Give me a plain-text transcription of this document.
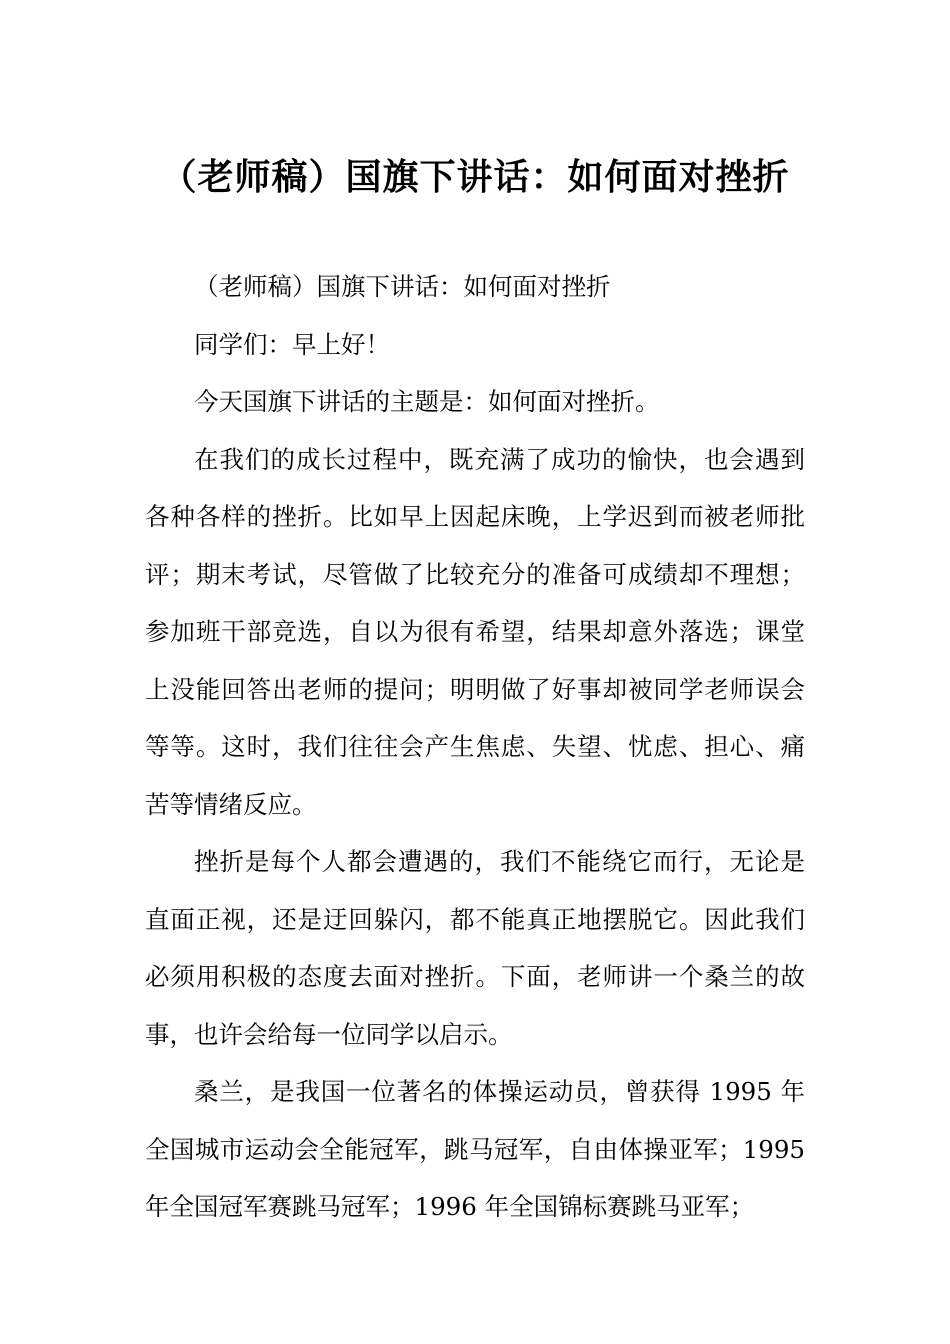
（老师稿）国旗下讲话：如何面对挫折

（老师稿）国旗下讲话：如何面对挫折

同学们：早上好！

今天国旗下讲话的主题是：如何面对挫折。

在我们的成长过程中，既充满了成功的愉快，也会遇到各种各样的挫折。比如早上因起床晚，上学迟到而被老师批评；期末考试，尽管做了比较充分的准备可成绩却不理想；参加班干部竞选，自以为很有希望，结果却意外落选；课堂上没能回答出老师的提问；明明做了好事却被同学老师误会等等。这时，我们往往会产生焦虑、失望、忧虑、担心、痛苦等情绪反应。

挫折是每个人都会遭遇的，我们不能绕它而行，无论是直面正视，还是迂回躲闪，都不能真正地摆脱它。因此我们必须用积极的态度去面对挫折。下面，老师讲一个桑兰的故事，也许会给每一位同学以启示。

桑兰，是我国一位著名的体操运动员，曾获得 1995 年全国城市运动会全能冠军，跳马冠军，自由体操亚军；1995 年全国冠军赛跳马冠军；1996 年全国锦标赛跳马亚军；
